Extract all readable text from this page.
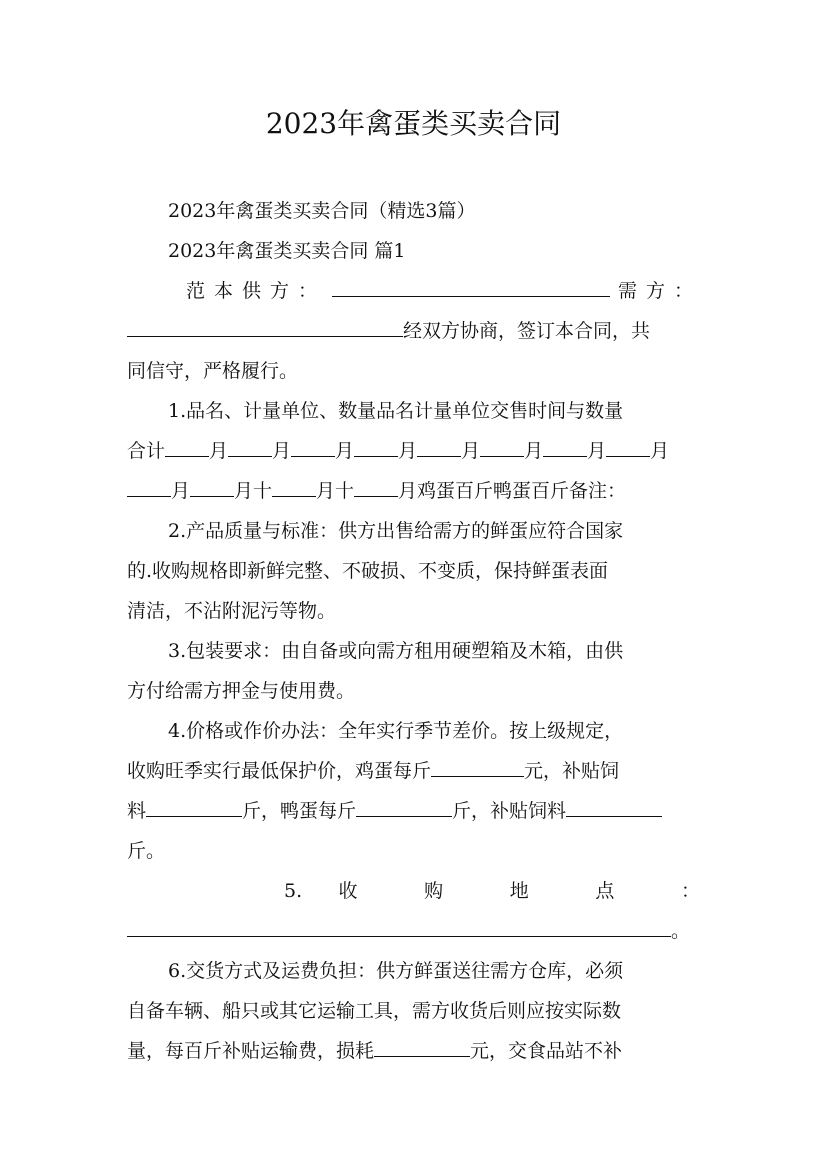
2023年禽蛋类买卖合同

2023年禽蛋类买卖合同（精选3篇）

2023年禽蛋类买卖合同 篇1

范本供方：	需方：
经双方协商，签订本合同，共

同信守，严格履行。

1.品名、计量单位、数量品名计量单位交售时间与数量

合计 月 月 月 月 月 月 月 月
月 月十 月十 月鸡蛋百斤鸭蛋百斤备注：

2.产品质量与标准：供方出售给需方的鲜蛋应符合国家

的.收购规格即新鲜完整、不破损、不变质，保持鲜蛋表面

清洁，不沾附泥污等物。

3.包装要求：由自备或向需方租用硬塑箱及木箱，由供

方付给需方押金与使用费。

4.价格或作价办法：全年实行季节差价。按上级规定，

收购旺季实行最低保护价，鸡蛋每斤	元，补贴饲
料	斤，鸭蛋每斤	斤，补贴饲料

斤。

5. 收 购 地 点 ：
。

6.交货方式及运费负担：供方鲜蛋送往需方仓库，必须

自备车辆、船只或其它运输工具，需方收货后则应按实际数

量，每百斤补贴运输费，损耗	元，交食品站不补
